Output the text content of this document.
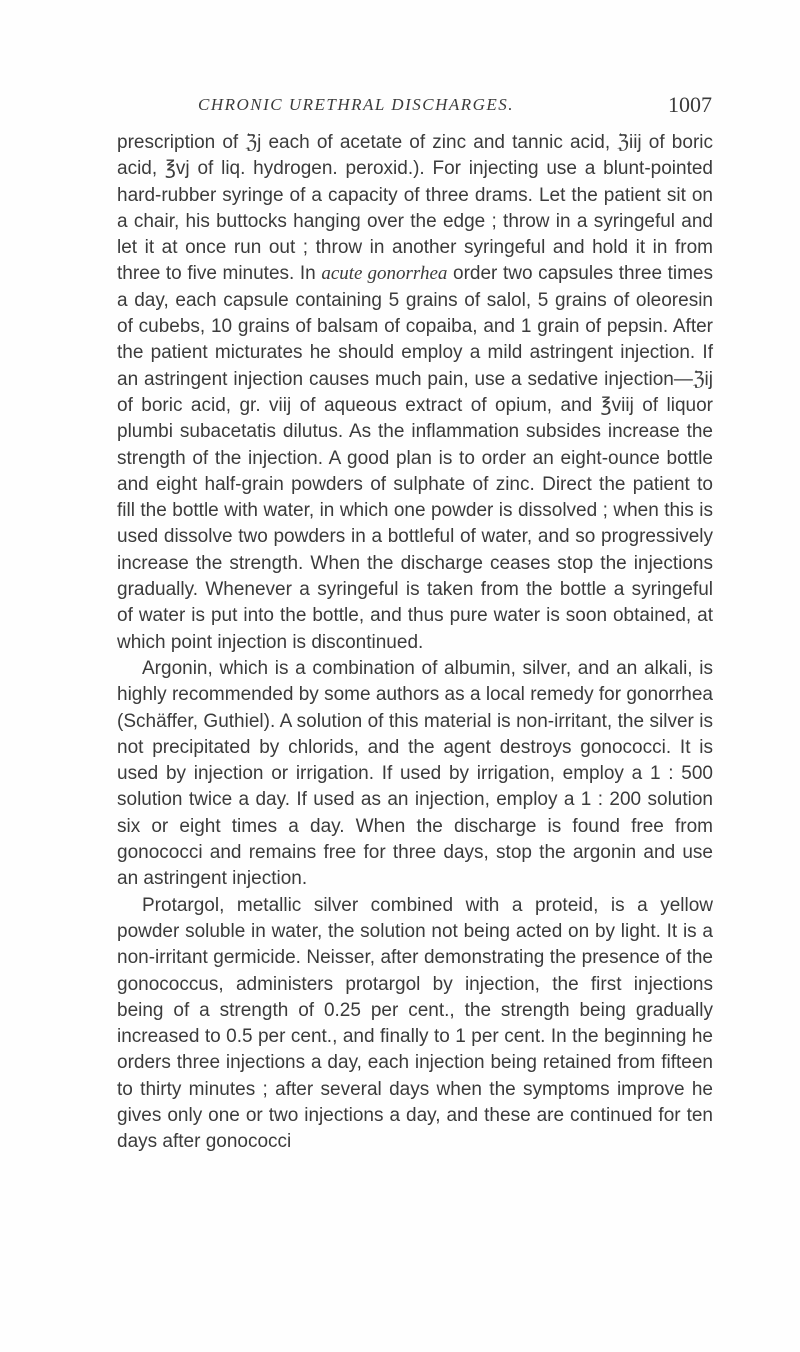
CHRONIC URETHRAL DISCHARGES.	1007

prescription of ℨj each of acetate of zinc and tannic acid, ℨiij of boric acid, ℥vj of liq. hydrogen. peroxid.). For injecting use a blunt-pointed hard-rubber syringe of a capacity of three drams. Let the patient sit on a chair, his buttocks hanging over the edge ; throw in a syringeful and let it at once run out ; throw in another syringeful and hold it in from three to five minutes. In acute gonorrhea order two capsules three times a day, each capsule containing 5 grains of salol, 5 grains of oleoresin of cubebs, 10 grains of balsam of copaiba, and 1 grain of pepsin. After the patient micturates he should employ a mild astringent injection. If an astringent injection causes much pain, use a sedative injection—ℨij of boric acid, gr. viij of aqueous extract of opium, and ℥viij of liquor plumbi subacetatis dilutus. As the inflammation subsides increase the strength of the injection. A good plan is to order an eight-ounce bottle and eight half-grain powders of sulphate of zinc. Direct the patient to fill the bottle with water, in which one powder is dissolved ; when this is used dissolve two powders in a bottleful of water, and so progressively increase the strength. When the discharge ceases stop the injections gradually. Whenever a syringeful is taken from the bottle a syringeful of water is put into the bottle, and thus pure water is soon obtained, at which point injection is discontinued.

Argonin, which is a combination of albumin, silver, and an alkali, is highly recommended by some authors as a local remedy for gonorrhea (Schäffer, Guthiel). A solution of this material is non-irritant, the silver is not precipitated by chlorids, and the agent destroys gonococci. It is used by injection or irrigation. If used by irrigation, employ a 1 : 500 solution twice a day. If used as an injection, employ a 1 : 200 solution six or eight times a day. When the discharge is found free from gonococci and remains free for three days, stop the argonin and use an astringent injection.

Protargol, metallic silver combined with a proteid, is a yellow powder soluble in water, the solution not being acted on by light. It is a non-irritant germicide. Neisser, after demonstrating the presence of the gonococcus, administers protargol by injection, the first injections being of a strength of 0.25 per cent., the strength being gradually increased to 0.5 per cent., and finally to 1 per cent. In the beginning he orders three injections a day, each injection being retained from fifteen to thirty minutes ; after several days when the symptoms improve he gives only one or two injections a day, and these are continued for ten days after gonococci
